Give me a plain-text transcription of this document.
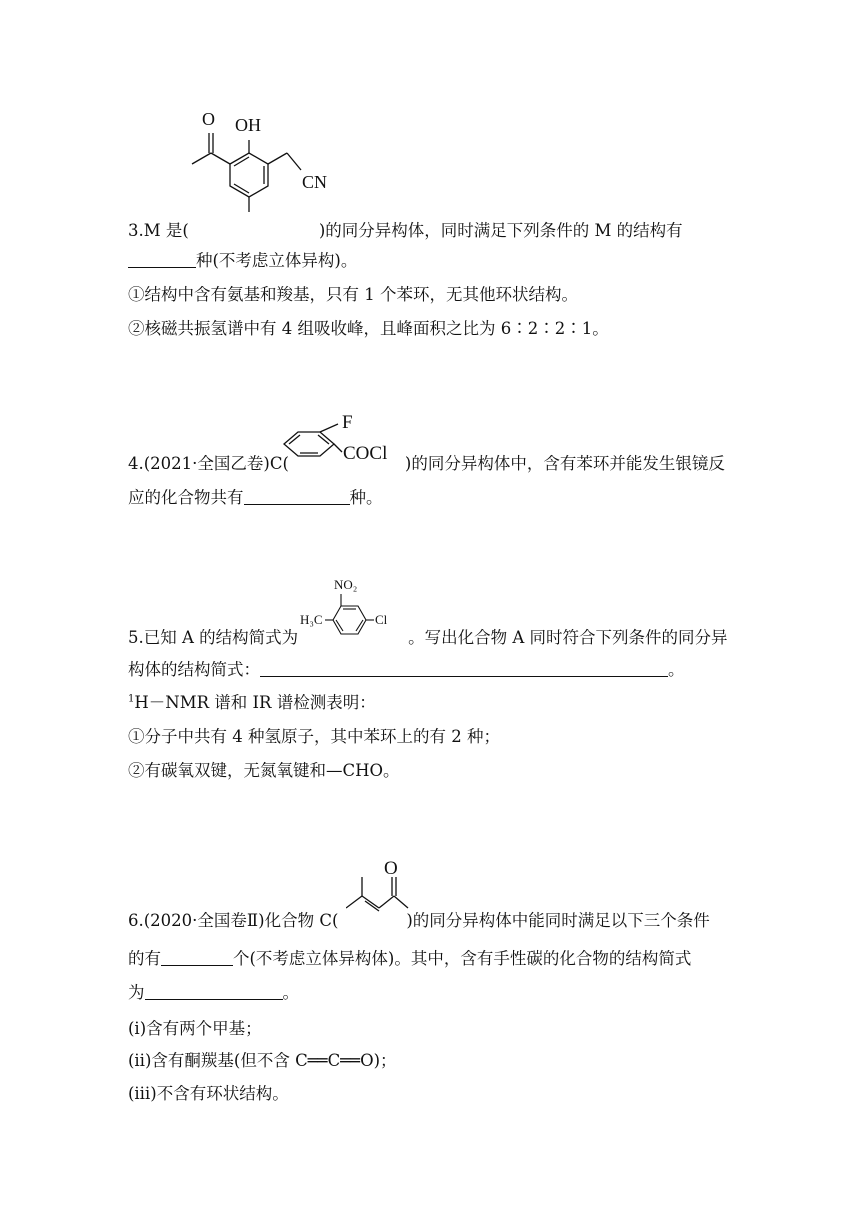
O OH
CN
3.M 是(	)的同分异构体，同时满足下列条件的 M 的结构有
种(不考虑立体异构)。
①结构中含有氨基和羧基，只有 1 个苯环，无其他环状结构。
②核磁共振氢谱中有 4 组吸收峰，且峰面积之比为 6∶2∶2∶1。
F
COCl
4.(2021·全国乙卷)C(	)的同分异构体中，含有苯环并能发生银镜反
应的化合物共有	种。
NO₂
H₃C	Cl
5.已知 A 的结构简式为	。写出化合物 A 同时符合下列条件的同分异
构体的结构简式：	。
$^1$H－NMR 谱和 IR 谱检测表明：
①分子中共有 4 种氢原子，其中苯环上的有 2 种；
②有碳氧双键，无氮氧键和—CHO。
O
6.(2020·全国卷Ⅱ)化合物 C(	)的同分异构体中能同时满足以下三个条件
的有	个(不考虑立体异构体)。其中，含有手性碳的化合物的结构简式
为	。
(ⅰ)含有两个甲基；
(ⅱ)含有酮羰基(但不含 C══C══O)；
(ⅲ)不含有环状结构。
